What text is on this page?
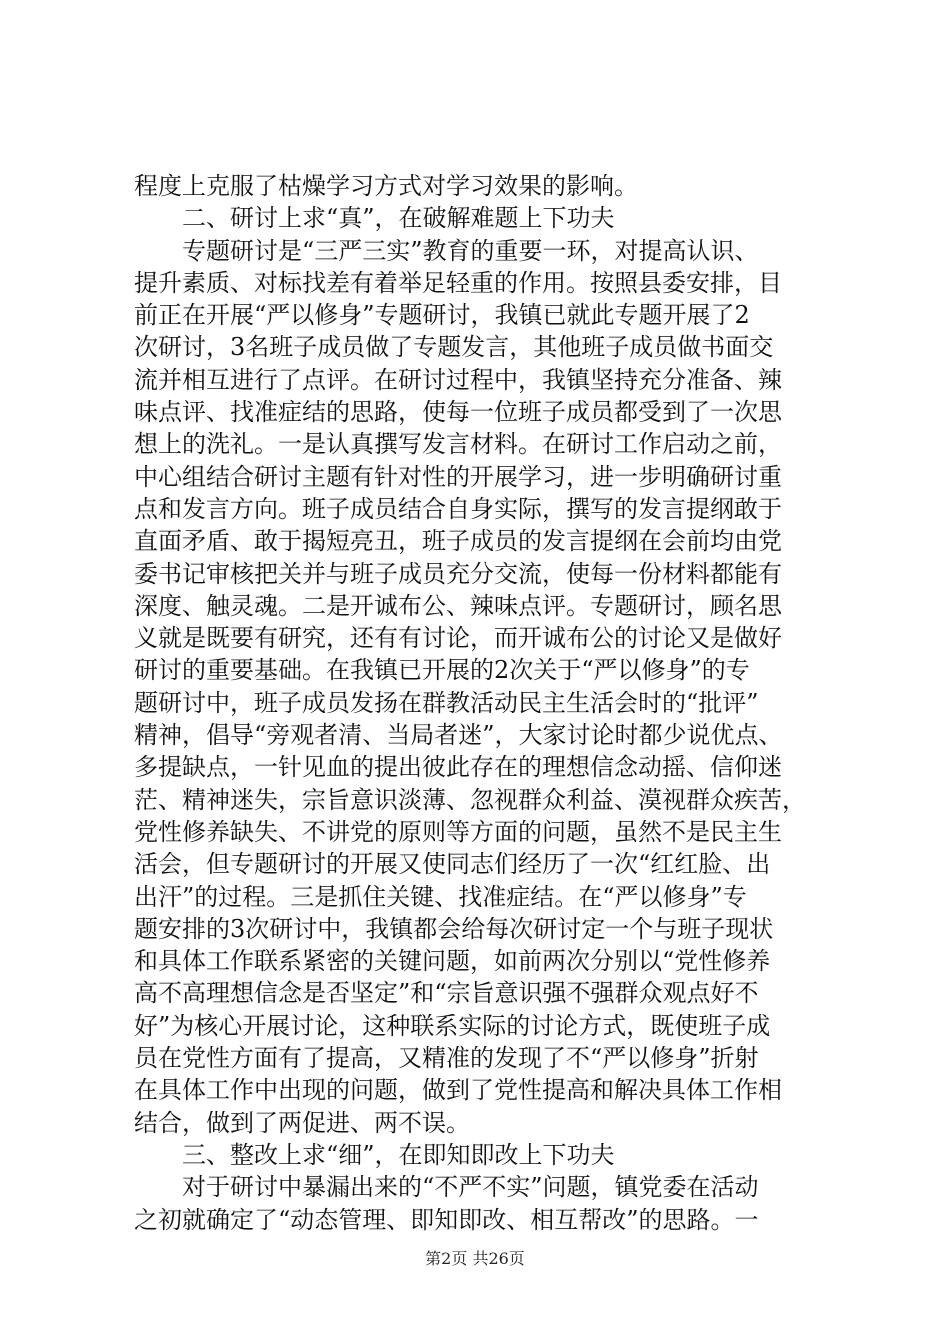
程度上克服了枯燥学习方式对学习效果的影响。
二、研讨上求“真”，在破解难题上下功夫
专题研讨是“三严三实”教育的重要一环，对提高认识、
提升素质、对标找差有着举足轻重的作用。按照县委安排，目
前正在开展“严以修身”专题研讨，我镇已就此专题开展了2
次研讨，3名班子成员做了专题发言，其他班子成员做书面交
流并相互进行了点评。在研讨过程中，我镇坚持充分准备、辣
味点评、找准症结的思路，使每一位班子成员都受到了一次思
想上的洗礼。一是认真撰写发言材料。在研讨工作启动之前，
中心组结合研讨主题有针对性的开展学习，进一步明确研讨重
点和发言方向。班子成员结合自身实际，撰写的发言提纲敢于
直面矛盾、敢于揭短亮丑，班子成员的发言提纲在会前均由党
委书记审核把关并与班子成员充分交流，使每一份材料都能有
深度、触灵魂。二是开诚布公、辣味点评。专题研讨，顾名思
义就是既要有研究，还有有讨论，而开诚布公的讨论又是做好
研讨的重要基础。在我镇已开展的2次关于“严以修身”的专
题研讨中，班子成员发扬在群教活动民主生活会时的“批评”
精神，倡导“旁观者清、当局者迷”，大家讨论时都少说优点、
多提缺点，一针见血的提出彼此存在的理想信念动摇、信仰迷
茫、精神迷失，宗旨意识淡薄、忽视群众利益、漠视群众疾苦，
党性修养缺失、不讲党的原则等方面的问题，虽然不是民主生
活会，但专题研讨的开展又使同志们经历了一次“红红脸、出
出汗”的过程。三是抓住关键、找准症结。在“严以修身”专
题安排的3次研讨中，我镇都会给每次研讨定一个与班子现状
和具体工作联系紧密的关键问题，如前两次分别以“党性修养
高不高理想信念是否坚定”和“宗旨意识强不强群众观点好不
好”为核心开展讨论，这种联系实际的讨论方式，既使班子成
员在党性方面有了提高，又精准的发现了不“严以修身”折射
在具体工作中出现的问题，做到了党性提高和解决具体工作相
结合，做到了两促进、两不误。
三、整改上求“细”，在即知即改上下功夫
对于研讨中暴漏出来的“不严不实”问题，镇党委在活动
之初就确定了“动态管理、即知即改、相互帮改”的思路。一
第2页 共26页
